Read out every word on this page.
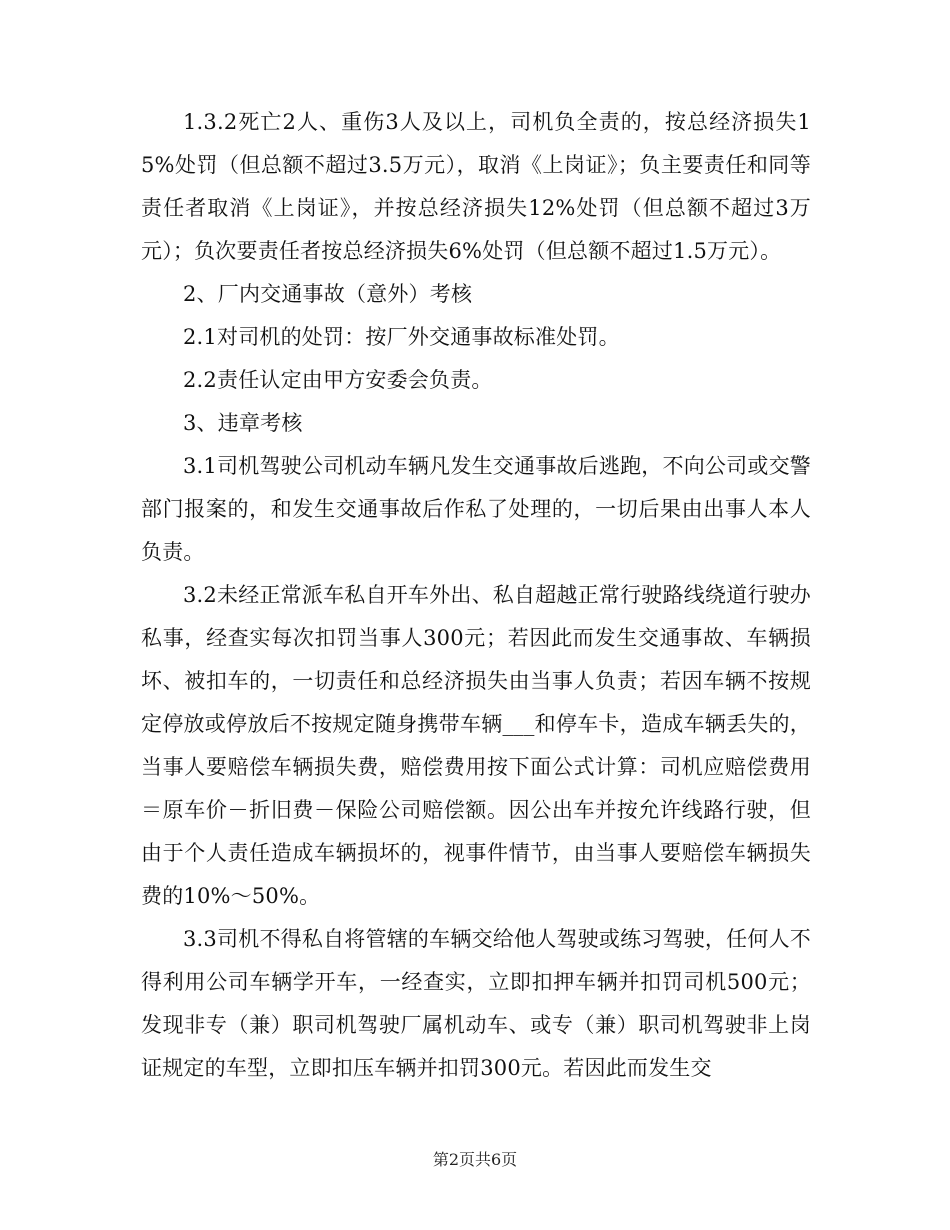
1.3.2死亡2人、重伤3人及以上，司机负全责的，按总经济损失15%处罚（但总额不超过3.5万元），取消《上岗证》；负主要责任和同等责任者取消《上岗证》，并按总经济损失12%处罚（但总额不超过3万元）；负次要责任者按总经济损失6%处罚（但总额不超过1.5万元）。

2、厂内交通事故（意外）考核

2.1对司机的处罚：按厂外交通事故标准处罚。

2.2责任认定由甲方安委会负责。

3、违章考核

3.1司机驾驶公司机动车辆凡发生交通事故后逃跑，不向公司或交警部门报案的，和发生交通事故后作私了处理的，一切后果由出事人本人负责。

3.2未经正常派车私自开车外出、私自超越正常行驶路线绕道行驶办私事，经查实每次扣罚当事人300元；若因此而发生交通事故、车辆损坏、被扣车的，一切责任和总经济损失由当事人负责；若因车辆不按规定停放或停放后不按规定随身携带车辆___和停车卡，造成车辆丢失的，当事人要赔偿车辆损失费，赔偿费用按下面公式计算：司机应赔偿费用＝原车价－折旧费－保险公司赔偿额。因公出车并按允许线路行驶，但由于个人责任造成车辆损坏的，视事件情节，由当事人要赔偿车辆损失费的10%～50%。

3.3司机不得私自将管辖的车辆交给他人驾驶或练习驾驶，任何人不得利用公司车辆学开车，一经查实，立即扣押车辆并扣罚司机500元；发现非专（兼）职司机驾驶厂属机动车、或专（兼）职司机驾驶非上岗证规定的车型，立即扣压车辆并扣罚300元。若因此而发生交

第2页共6页
